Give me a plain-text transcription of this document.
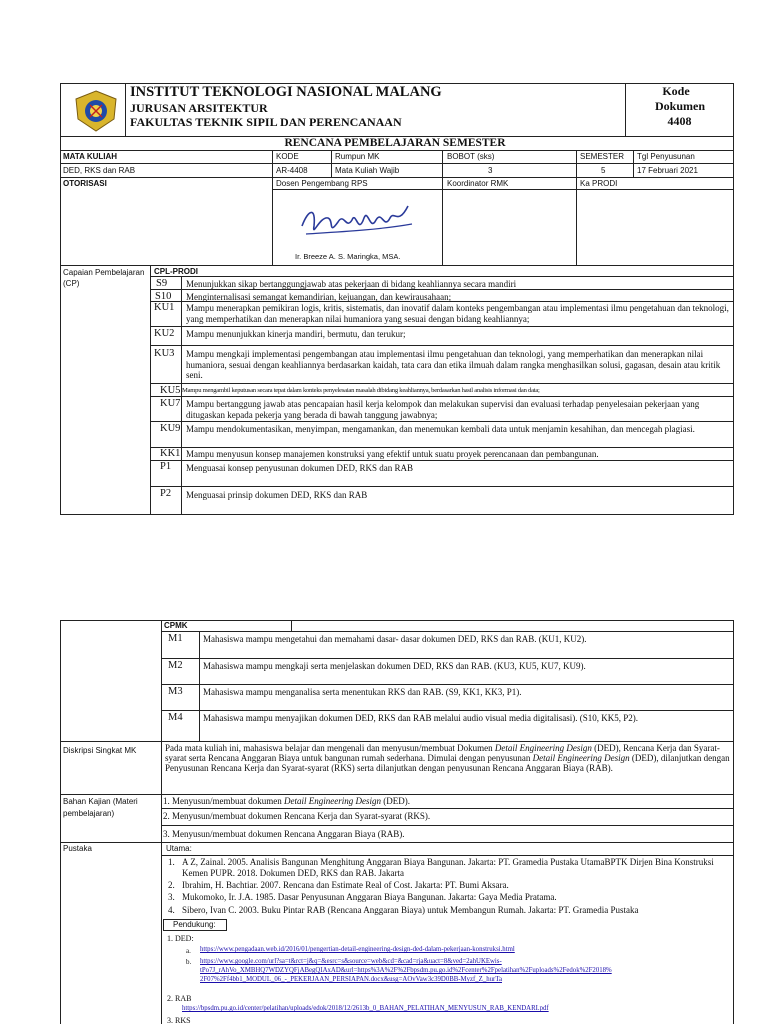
INSTITUT TEKNOLOGI NASIONAL MALANG
JURUSAN ARSITEKTUR
FAKULTAS TEKNIK SIPIL DAN PERENCANAAN
Kode Dokumen
4408
RENCANA PEMBELAJARAN SEMESTER
MATA KULIAH	KODE	Rumpun MK	BOBOT (sks)	SEMESTER Tgl Penyusunan
DED, RKS dan RAB	AR-4408	Mata Kuliah Wajib	3	5	17 Februari 2021
OTORISASI	Dosen Pengembang RPS	Koordinator RMK	Ka PRODI
Ir. Breeze A. S. Maringka, MSA.
Capaian Pembelajaran (CP)
CPL-PRODI
S9 Menunjukkan sikap bertanggungjawab atas pekerjaan di bidang keahliannya secara mandiri
S10 Menginternalisasi semangat kemandirian, kejuangan, dan kewirausahaan;
KU1 Mampu menerapkan pemikiran logis, kritis, sistematis, dan inovatif dalam konteks pengembangan atau implementasi ilmu pengetahuan dan teknologi, yang memperhatikan dan menerapkan nilai humaniora yang sesuai dengan bidang keahliannya;
KU2 Mampu menunjukkan kinerja mandiri, bermutu, dan terukur;
KU3 Mampu mengkaji implementasi pengembangan atau implementasi ilmu pengetahuan dan teknologi, yang memperhatikan dan menerapkan nilai humaniora, sesuai dengan keahliannya berdasarkan kaidah, tata cara dan etika ilmuah dalam rangka menghasilkan solusi, gagasan, desain atau kritik seni.
KU5 Mampu mengambil keputusan secara tepat dalam konteks penyelesaian masalah dibidang keahliannya, berdasarkan hasil analisis informasi dan data;
KU7 Mampu bertanggung jawab atas pencapaian hasil kerja kelompok dan melakukan supervisi dan evaluasi terhadap penyelesaian pekerjaan yang ditugaskan kepada pekerja yang berada di bawah tanggung jawabnya;
KU9 Mampu mendokumentasikan, menyimpan, mengamankan, dan menemukan kembali data untuk menjamin kesahihan, dan mencegah plagiasi.
KK1 Mampu menyusun konsep manajemen konstruksi yang efektif untuk suatu proyek perencanaan dan pembangunan.
P1 Menguasai konsep penyusunan dokumen DED, RKS dan RAB
P2 Menguasai prinsip dokumen DED, RKS dan RAB
CPMK
M1 Mahasiswa mampu mengetahui dan memahami dasar- dasar dokumen DED, RKS dan RAB. (KU1, KU2).
M2 Mahasiswa mampu mengkaji serta menjelaskan dokumen DED, RKS dan RAB. (KU3, KU5, KU7, KU9).
M3 Mahasiswa mampu menganalisa serta menentukan RKS dan RAB. (S9, KK1, KK3, P1).
M4 Mahasiswa mampu menyajikan dokumen DED, RKS dan RAB melalui audio visual media digitalisasi). (S10, KK5, P2).
Diskripsi Singkat MK	Pada mata kuliah ini, mahasiswa belajar dan mengenali dan menyusun/membuat Dokumen Detail Engineering Design (DED), Rencana Kerja dan Syarat-syarat serta Rencana Anggaran Biaya untuk bangunan rumah sederhana. Dimulai dengan penyusunan Detail Engineering Design (DED), dilanjutkan dengan Penyusunan Rencana Kerja dan Syarat-syarat (RKS) serta dilanjutkan dengan penyusunan Rencana Anggaran Biaya (RAB).
Bahan Kajian (Materi pembelajaran)
1. Menyusun/membuat dokumen Detail Engineering Design (DED).
2. Menyusun/membuat dokumen Rencana Kerja dan Syarat-syarat (RKS).
3. Menyusun/membuat dokumen Rencana Anggaran Biaya (RAB).
Pustaka	Utama:
1. A Z, Zainal. 2005. Analisis Bangunan Menghitung Anggaran Biaya Bangunan. Jakarta: PT. Gramedia Pustaka UtamaBPTK Dirjen Bina Konstruksi Kemen PUPR. 2018. Dokumen DED, RKS dan RAB. Jakarta
2. Ibrahim, H. Bachtiar. 2007. Rencana dan Estimate Real of Cost. Jakarta: PT. Bumi Aksara.
3. Mukomoko, Ir. J.A. 1985. Dasar Penyusunan Anggaran Biaya Bangunan. Jakarta: Gaya Media Pratama.
4. Sibero, Ivan C. 2003. Buku Pintar RAB (Rencana Anggaran Biaya) untuk Membangun Rumah. Jakarta: PT. Gramedia Pustaka
Pendukung:
1. DED:
a. https://www.pengadaan.web.id/2016/01/pengertian-detail-engineering-design-ded-dalam-pekerjaan-konstruksi.html
b. https://www.google.com/url?sa=t&rct=j&q=&esrc=s&source=web&cd=&cad=rja&uact=8&ved=2ahUKEwis-
tPo7J_rAhVo_XMBHQ7WDZYQFjABegQIAxAD&url=https%3A%2F%2Fbpsdm.pu.go.id%2Fcenter%2Fpelatihan%2Fuploads%2Fedok%2F2018%
2F07%2Ff4bb1_MODUL_06_-_PEKERJAAN_PERSIAPAN.docx&usg=AOvVaw3c39D0BB-Myzf_Z_hurTa
2. RAB
https://bpsdm.pu.go.id/center/pelatihan/uploads/edok/2018/12/2613b_0_BAHAN_PELATIHAN_MENYUSUN_RAB_KENDARI.pdf
3. RKS
